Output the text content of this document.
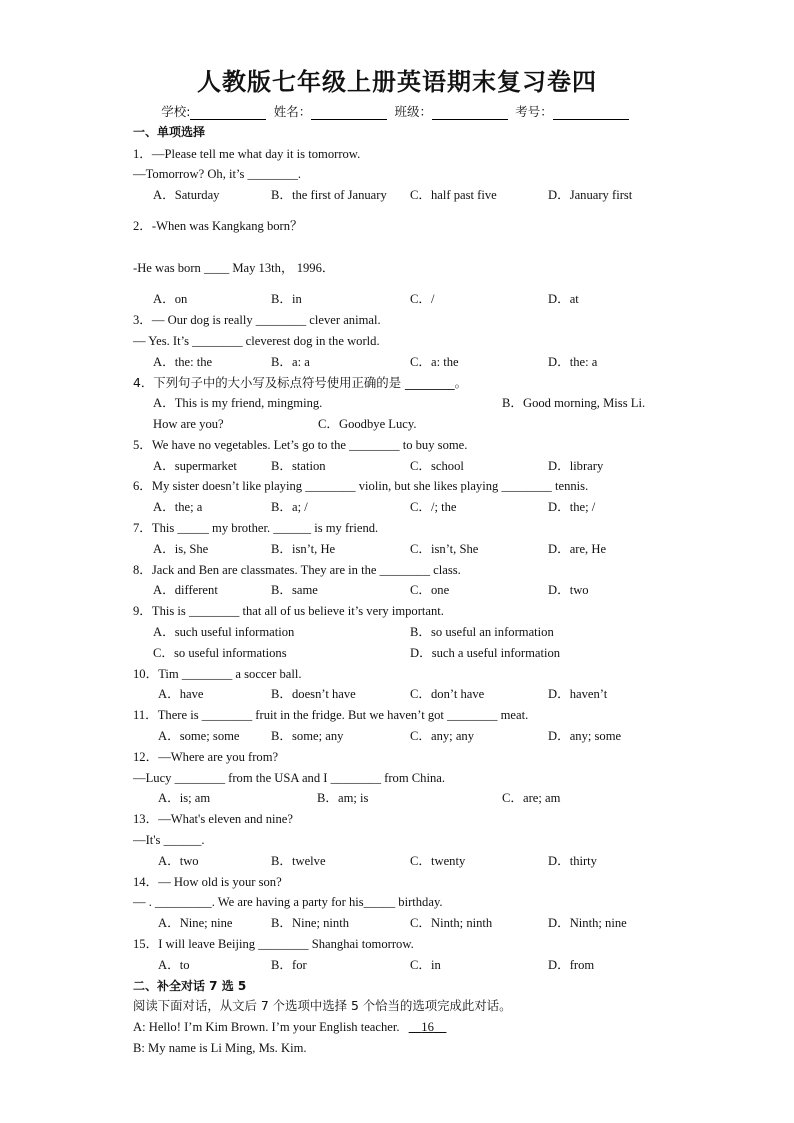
人教版七年级上册英语期末复习卷四
学校:	姓名：	班级：	考号：
一、单项选择
1．—Please tell me what day it is tomorrow.
—Tomorrow? Oh, it’s ________.
A．Saturday	B．the first of January C．half past five	D．January first
2．-When was Kangkang born？
-He was born ____ May 13th， 1996．
A．on	B．in	C．/	D．at
3．— Our dog is really ________ clever animal.
— Yes. It’s ________ cleverest dog in the world.
A．the: the	B．a: a	C．a: the	D．the: a
4．下列句子中的大小写及标点符号使用正确的是 ________。
A．This is my friend, mingming.	B．Good morning, Miss Li.
How are you?	C．Goodbye Lucy.
5．We have no vegetables. Let’s go to the ________ to buy some.
A．supermarket	B．station	C．school	D．library
6．My sister doesn’t like playing ________ violin, but she likes playing ________ tennis.
A．the; a	B．a; /	C．/; the	D．the; /
7．This _____ my brother. ______ is my friend.
A．is, She	B．isn’t, He	C．isn’t, She	D．are, He
8．Jack and Ben are classmates. They are in the ________ class.
A．different	B．same	C．one	D．two
9．This is ________ that all of us believe it’s very important.
A．such useful information	B．so useful an information
C．so useful informations	D．such a useful information
10．Tim ________ a soccer ball.
A．have	B．doesn’t have	C．don’t have	D．haven’t
11．There is ________ fruit in the fridge. But we haven’t got ________ meat.
A．some; some B．some; any	C．any; any	D．any; some
12．—Where are you from?
—Lucy ________ from the USA and I ________ from China.
A．is; am	B．am; is	C．are; am
13．—What's eleven and nine?
—It's ______.
A．two	B．twelve	C．twenty	D．thirty
14．— How old is your son?
— . _________. We are having a party for his_____ birthday.
A．Nine; nine	B．Nine; ninth	C．Ninth; ninth	D．Ninth; nine
15．I will leave Beijing ________ Shanghai tomorrow.
A．to	B．for	C．in	D．from
二、补全对话 7 选 5
阅读下面对话，从文后 7 个选项中选择 5 个恰当的选项完成此对话。
A: Hello! I’m Kim Brown. I’m your English teacher. 16
B: My name is Li Ming, Ms. Kim.
